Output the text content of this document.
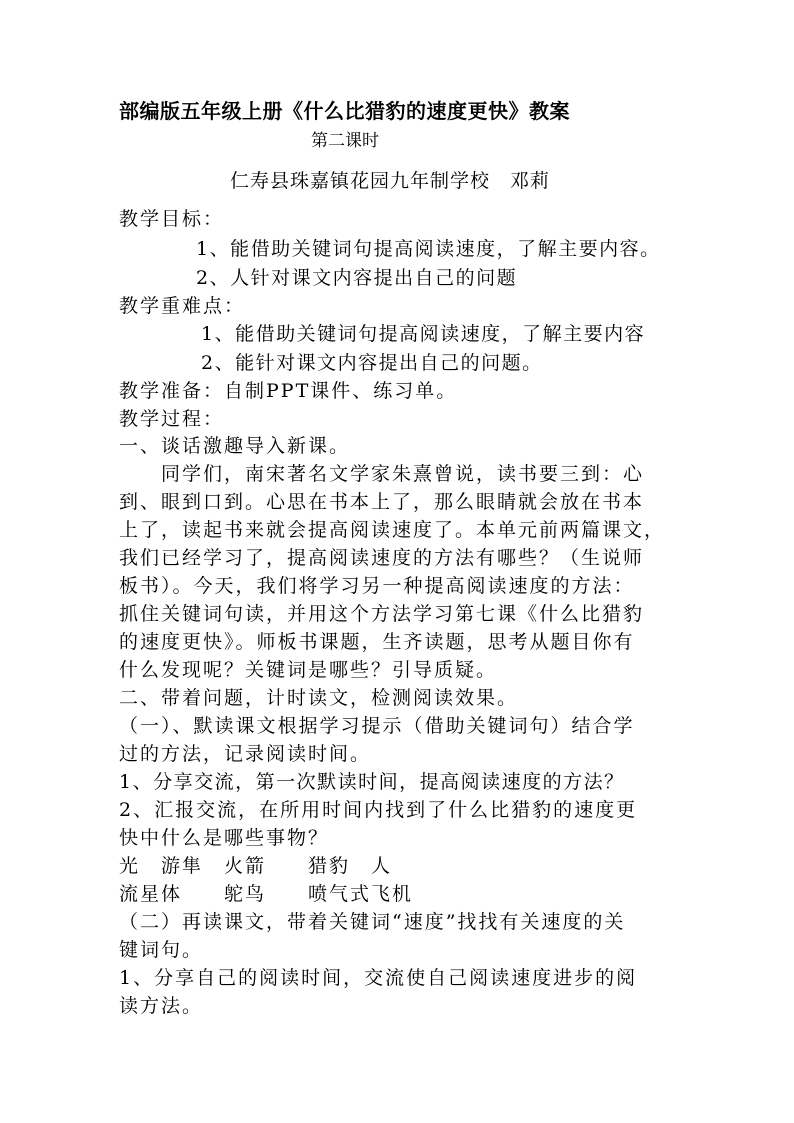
部编版五年级上册《什么比猎豹的速度更快》教案
第二课时
仁寿县珠嘉镇花园九年制学校　邓莉
教学目标：
1、能借助关键词句提高阅读速度，了解主要内容。
2、人针对课文内容提出自己的问题
教学重难点：
1、能借助关键词句提高阅读速度，了解主要内容
2、能针对课文内容提出自己的问题。
教学准备：自制PPT课件、练习单。
教学过程：
一、谈话激趣导入新课。
同学们，南宋著名文学家朱熹曾说，读书要三到：心
到、眼到口到。心思在书本上了，那么眼睛就会放在书本
上了，读起书来就会提高阅读速度了。本单元前两篇课文，
我们已经学习了，提高阅读速度的方法有哪些？（生说师
板书）。今天，我们将学习另一种提高阅读速度的方法：
抓住关键词句读，并用这个方法学习第七课《什么比猎豹
的速度更快》。师板书课题，生齐读题，思考从题目你有
什么发现呢？关键词是哪些？引导质疑。
二、带着问题，计时读文，检测阅读效果。
（一）、默读课文根据学习提示（借助关键词句）结合学
过的方法，记录阅读时间。
1、分享交流，第一次默读时间，提高阅读速度的方法？
2、汇报交流，在所用时间内找到了什么比猎豹的速度更
快中什么是哪些事物？
光　游隼　火箭　　猎豹　人
流星体　　鸵鸟　　喷气式飞机
（二）再读课文，带着关键词“速度”找找有关速度的关
键词句。
1、分享自己的阅读时间，交流使自己阅读速度进步的阅
读方法。
